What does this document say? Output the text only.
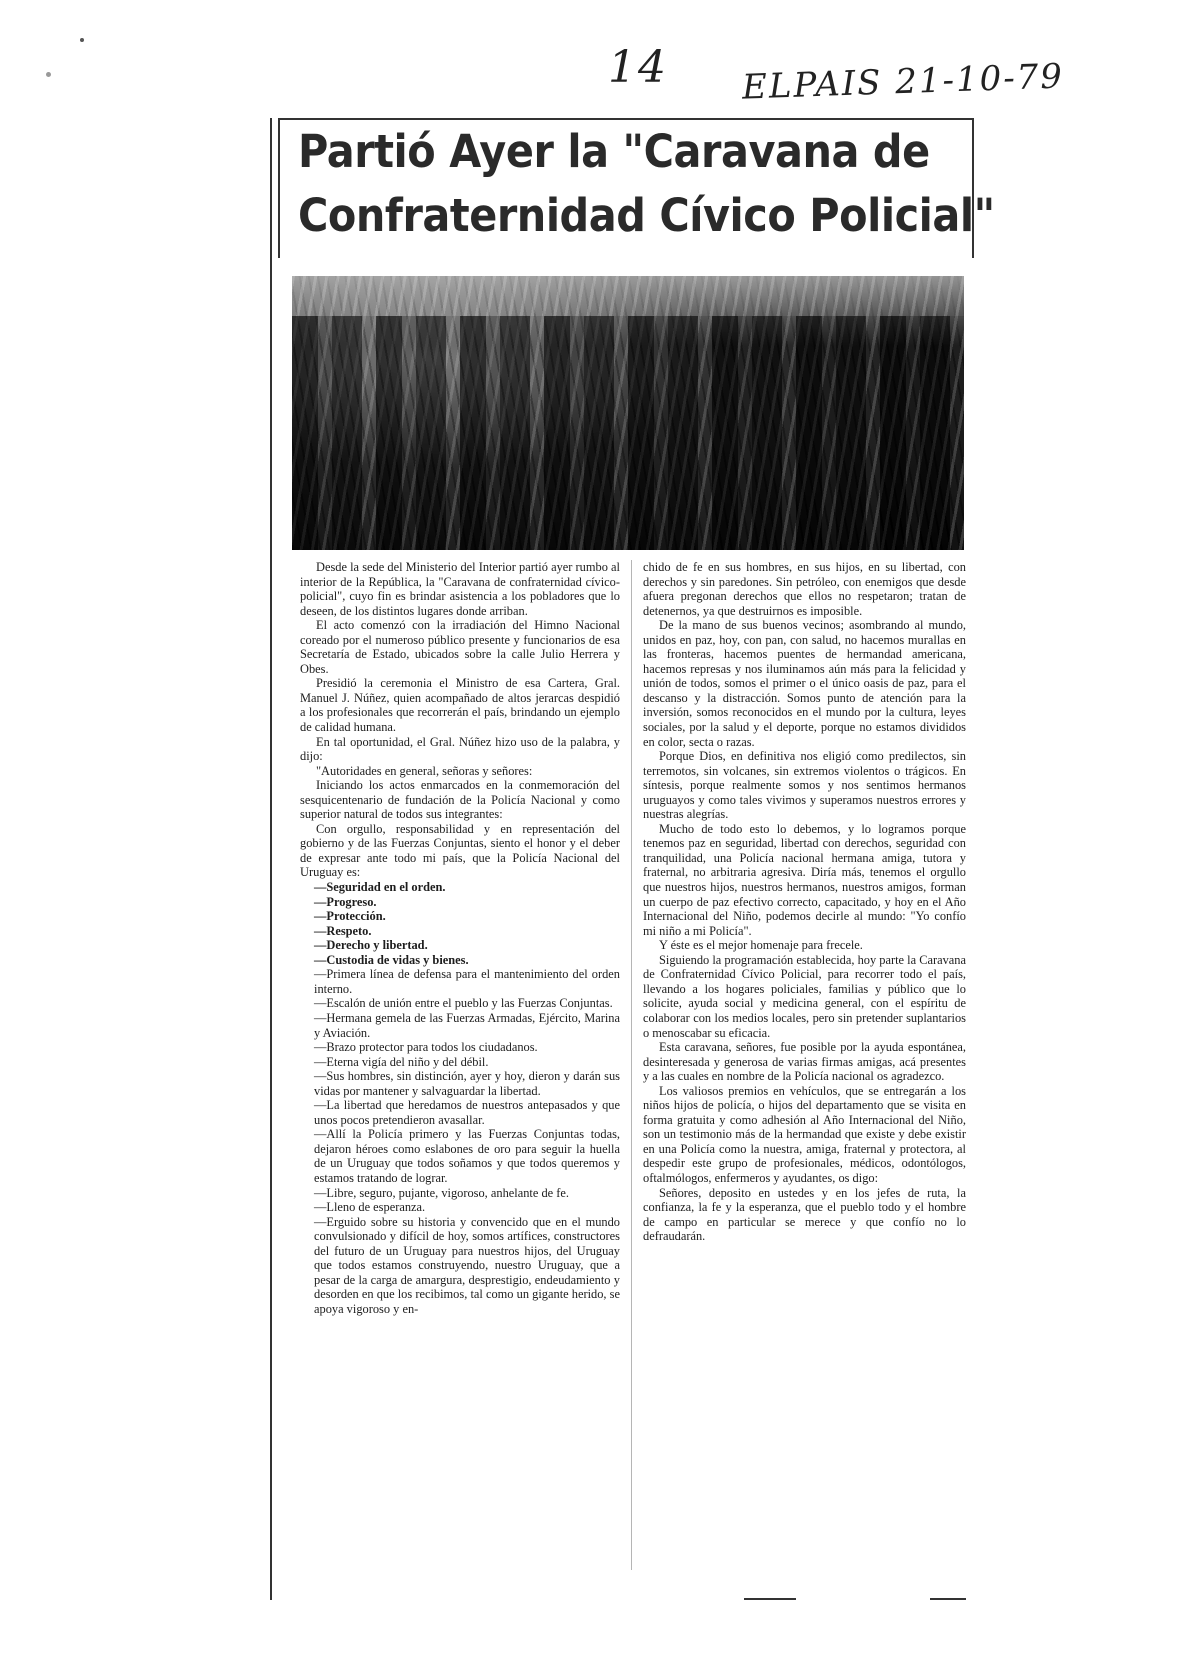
14 ELPAIS 21-10-79
Partió Ayer la "Caravana de
Confraternidad Cívico Policial"

Desde la sede del Ministerio del Interior partió ayer rumbo al interior de la República, la "Caravana de confraternidad cívico-policial", cuyo fin es brindar asistencia a los pobladores que lo deseen, de los distintos lugares donde arriban.

El acto comenzó con la irradiación del Himno Nacional coreado por el numeroso público presente y funcionarios de esa Secretaría de Estado, ubicados sobre la calle Julio Herrera y Obes.

Presidió la ceremonia el Ministro de esa Cartera, Gral. Manuel J. Núñez, quien acompañado de altos jerarcas despidió a los profesionales que recorrerán el país, brindando un ejemplo de calidad humana.

En tal oportunidad, el Gral. Núñez hizo uso de la palabra, y dijo:

"Autoridades en general, señoras y señores:

Iniciando los actos enmarcados en la conmemoración del sesquicentenario de fundación de la Policía Nacional y como superior natural de todos sus integrantes:

Con orgullo, responsabilidad y en representación del gobierno y de las Fuerzas Conjuntas, siento el honor y el deber de expresar ante todo mi país, que la Policía Nacional del Uruguay es:

—Seguridad en el orden.

—Progreso.

—Protección.

—Respeto.

—Derecho y libertad.

—Custodia de vidas y bienes.

—Primera línea de defensa para el mantenimiento del orden interno.

—Escalón de unión entre el pueblo y las Fuerzas Conjuntas.

—Hermana gemela de las Fuerzas Armadas, Ejército, Marina y Aviación.

—Brazo protector para todos los ciudadanos.

—Eterna vigía del niño y del débil.

—Sus hombres, sin distinción, ayer y hoy, dieron y darán sus vidas por mantener y salvaguardar la libertad.

—La libertad que heredamos de nuestros antepasados y que unos pocos pretendieron avasallar.

—Allí la Policía primero y las Fuerzas Conjuntas todas, dejaron héroes como eslabones de oro para seguir la huella de un Uruguay que todos soñamos y que todos queremos y estamos tratando de lograr.

—Libre, seguro, pujante, vigoroso, anhelante de fe.

—Lleno de esperanza.

—Erguido sobre su historia y convencido que en el mundo convulsionado y difícil de hoy, somos artífices, constructores del futuro de un Uruguay para nuestros hijos, del Uruguay que todos estamos construyendo, nuestro Uruguay, que a pesar de la carga de amargura, desprestigio, endeudamiento y desorden en que los recibimos, tal como un gigante herido, se apoya vigoroso y en-

chido de fe en sus hombres, en sus hijos, en su libertad, con derechos y sin paredones. Sin petróleo, con enemigos que desde afuera pregonan derechos que ellos no respetaron; tratan de detenernos, ya que destruirnos es imposible.

De la mano de sus buenos vecinos; asombrando al mundo, unidos en paz, hoy, con pan, con salud, no hacemos murallas en las fronteras, hacemos puentes de hermandad americana, hacemos represas y nos iluminamos aún más para la felicidad y unión de todos, somos el primer o el único oasis de paz, para el descanso y la distracción. Somos punto de atención para la inversión, somos reconocidos en el mundo por la cultura, leyes sociales, por la salud y el deporte, porque no estamos divididos en color, secta o razas.

Porque Dios, en definitiva nos eligió como predilectos, sin terremotos, sin volcanes, sin extremos violentos o trágicos. En síntesis, porque realmente somos y nos sentimos hermanos uruguayos y como tales vivimos y superamos nuestros errores y nuestras alegrías.

Mucho de todo esto lo debemos, y lo logramos porque tenemos paz en seguridad, libertad con derechos, seguridad con tranquilidad, una Policía nacional hermana amiga, tutora y fraternal, no arbitraria agresiva. Diría más, tenemos el orgullo que nuestros hijos, nuestros hermanos, nuestros amigos, forman un cuerpo de paz efectivo correcto, capacitado, y hoy en el Año Internacional del Niño, podemos decirle al mundo: "Yo confío mi niño a mi Policía".

Y éste es el mejor homenaje para frecele.

Siguiendo la programación establecida, hoy parte la Caravana de Confraternidad Cívico Policial, para recorrer todo el país, llevando a los hogares policiales, familias y público que lo solicite, ayuda social y medicina general, con el espíritu de colaborar con los medios locales, pero sin pretender suplantarios o menoscabar su eficacia.

Esta caravana, señores, fue posible por la ayuda espontánea, desinteresada y generosa de varias firmas amigas, acá presentes y a las cuales en nombre de la Policía nacional os agradezco.

Los valiosos premios en vehículos, que se entregarán a los niños hijos de policía, o hijos del departamento que se visita en forma gratuita y como adhesión al Año Internacional del Niño, son un testimonio más de la hermandad que existe y debe existir en una Policía como la nuestra, amiga, fraternal y protectora, al despedir este grupo de profesionales, médicos, odontólogos, oftalmólogos, enfermeros y ayudantes, os digo:

Señores, deposito en ustedes y en los jefes de ruta, la confianza, la fe y la esperanza, que el pueblo todo y el hombre de campo en particular se merece y que confío no lo defraudarán.
